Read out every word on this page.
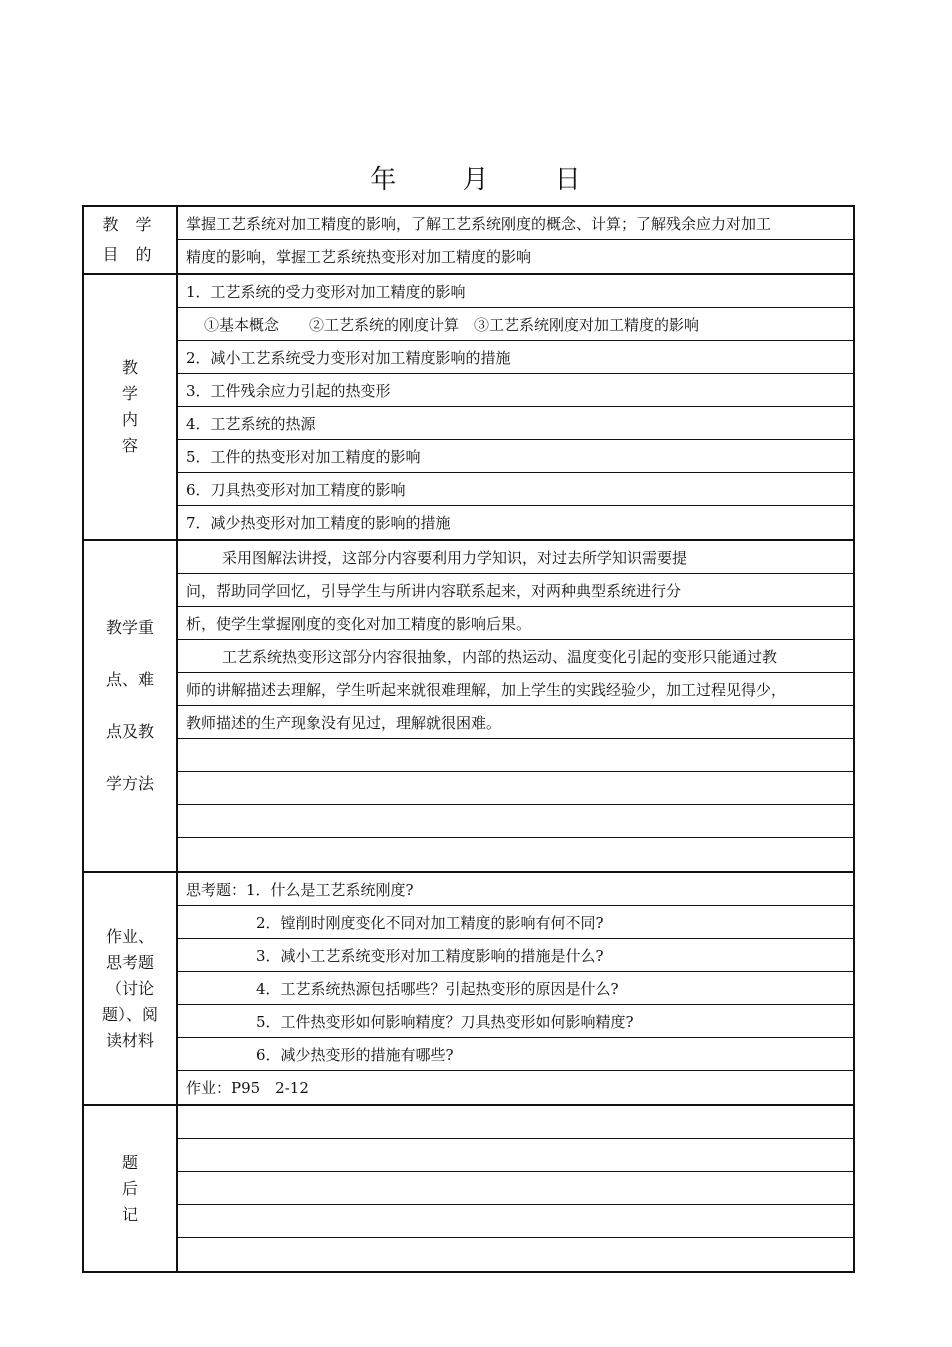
年	月	日
教 学
目 的
掌握工艺系统对加工精度的影响，了解工艺系统刚度的概念、计算；了解残余应力对加工
精度的影响，掌握工艺系统热变形对加工精度的影响
教
学
内
容
1．工艺系统的受力变形对加工精度的影响
①基本概念　　②工艺系统的刚度计算　③工艺系统刚度对加工精度的影响
2．减小工艺系统受力变形对加工精度影响的措施
3．工件残余应力引起的热变形
4．工艺系统的热源
5．工件的热变形对加工精度的影响
6．刀具热变形对加工精度的影响
7．减少热变形对加工精度的影响的措施
教学重
点、难
点及教
学方法
采用图解法讲授，这部分内容要利用力学知识，对过去所学知识需要提
问，帮助同学回忆，引导学生与所讲内容联系起来，对两种典型系统进行分
析，使学生掌握刚度的变化对加工精度的影响后果。
工艺系统热变形这部分内容很抽象，内部的热运动、温度变化引起的变形只能通过教
师的讲解描述去理解，学生听起来就很难理解，加上学生的实践经验少，加工过程见得少，
教师描述的生产现象没有见过，理解就很困难。
作业、
思考题
（讨论
题）、阅
读材料
思考题：1．什么是工艺系统刚度?
2．镗削时刚度变化不同对加工精度的影响有何不同?
3．减小工艺系统变形对加工精度影响的措施是什么?
4．工艺系统热源包括哪些？引起热变形的原因是什么?
5．工件热变形如何影响精度？刀具热变形如何影响精度?
6．减少热变形的措施有哪些?
作业：P95　2-12
题
后
记
